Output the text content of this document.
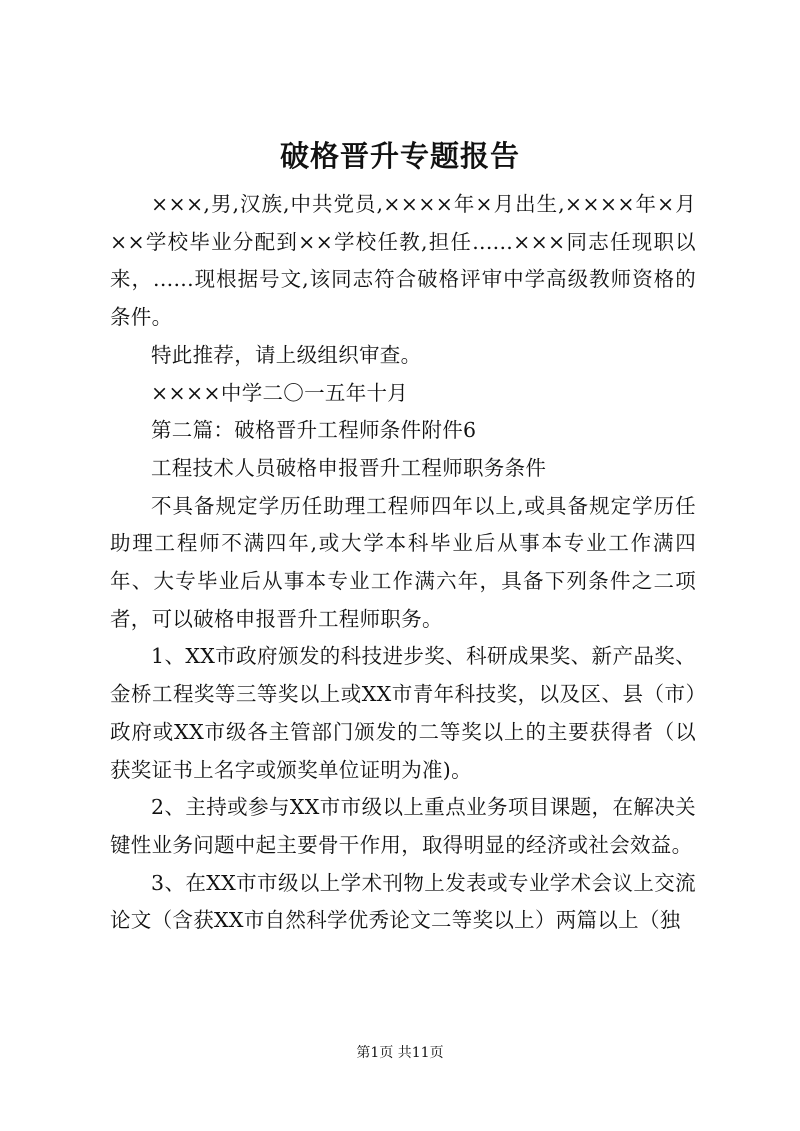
破格晋升专题报告

×××,男,汉族,中共党员,××××年×月出生,××××年×月××学校毕业分配到××学校任教,担任......×××同志任现职以来，......现根据号文,该同志符合破格评审中学高级教师资格的条件。

特此推荐，请上级组织审查。

××××中学二〇一五年十月

第二篇：破格晋升工程师条件附件6

工程技术人员破格申报晋升工程师职务条件

不具备规定学历任助理工程师四年以上,或具备规定学历任助理工程师不满四年,或大学本科毕业后从事本专业工作满四年、大专毕业后从事本专业工作满六年，具备下列条件之二项者，可以破格申报晋升工程师职务。

1、XX市政府颁发的科技进步奖、科研成果奖、新产品奖、金桥工程奖等三等奖以上或XX市青年科技奖，以及区、县（市）政府或XX市级各主管部门颁发的二等奖以上的主要获得者（以获奖证书上名字或颁奖单位证明为准)。

2、主持或参与XX市市级以上重点业务项目课题，在解决关键性业务问题中起主要骨干作用，取得明显的经济或社会效益。

3、在XX市市级以上学术刊物上发表或专业学术会议上交流论文（含获XX市自然科学优秀论文二等奖以上）两篇以上（独

第1页 共11页
